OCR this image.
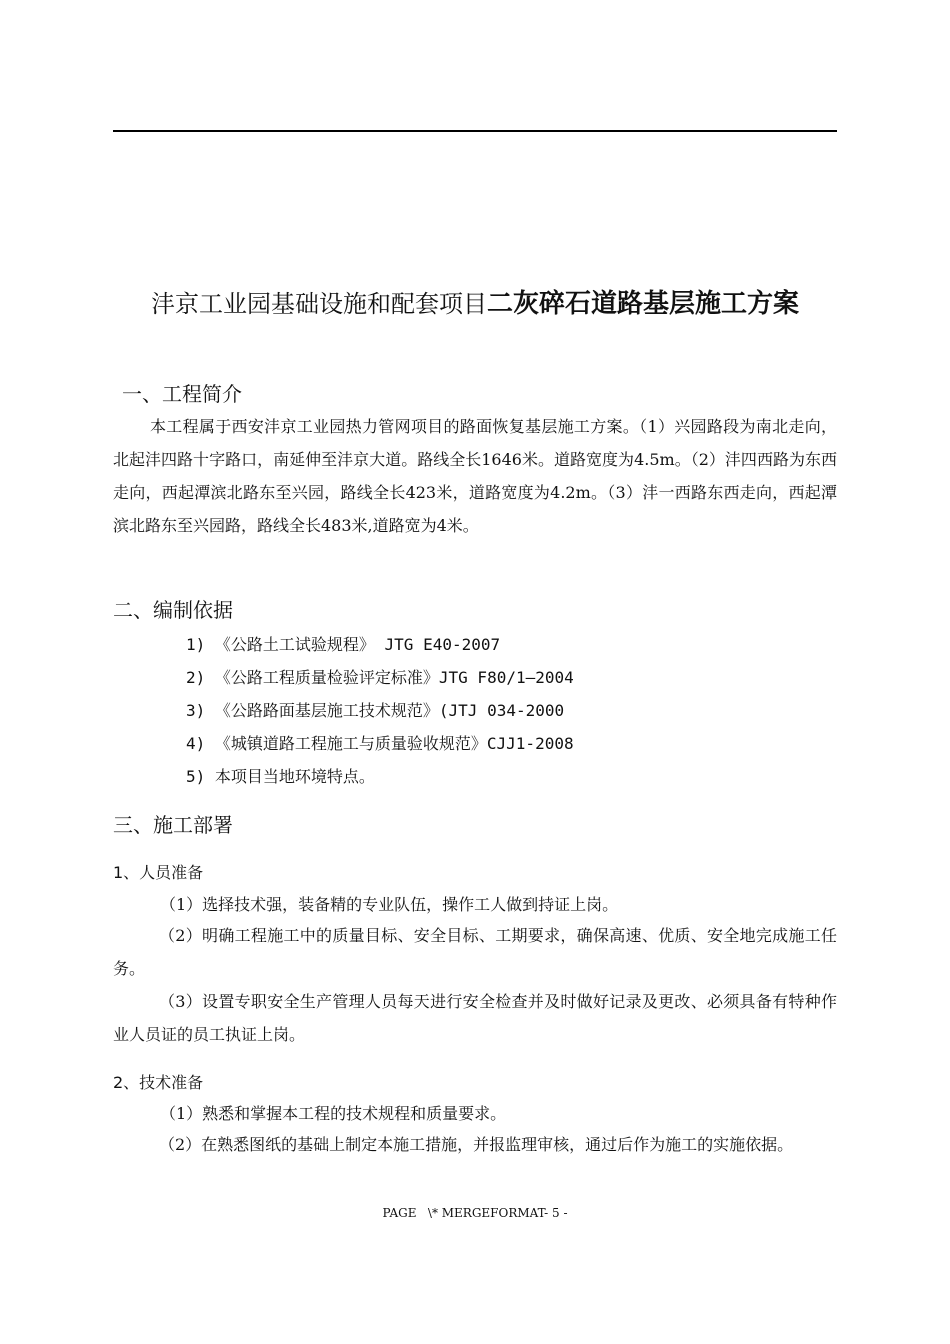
沣京工业园基础设施和配套项目二灰碎石道路基层施工方案
一、工程简介
本工程属于西安沣京工业园热力管网项目的路面恢复基层施工方案。（1）兴园路段为南北走向，北起沣四路十字路口，南延伸至沣京大道。路线全长1646米。道路宽度为4.5m。（2）沣四西路为东西走向，西起潭滨北路东至兴园，路线全长423米，道路宽度为4.2m。（3）沣一西路东西走向，西起潭滨北路东至兴园路，路线全长483米,道路宽为4米。
二、编制依据
1) 《公路土工试验规程》 JTG E40-2007
2) 《公路工程质量检验评定标准》JTG F80/1—2004
3) 《公路路面基层施工技术规范》(JTJ 034-2000
4) 《城镇道路工程施工与质量验收规范》CJJ1-2008
5) 本项目当地环境特点。
三、施工部署
1、人员准备
（1）选择技术强，装备精的专业队伍，操作工人做到持证上岗。
（2）明确工程施工中的质量目标、安全目标、工期要求，确保高速、优质、安全地完成施工任务。
（3）设置专职安全生产管理人员每天进行安全检查并及时做好记录及更改、必须具备有特种作业人员证的员工执证上岗。
2、技术准备
（1）熟悉和掌握本工程的技术规程和质量要求。
（2）在熟悉图纸的基础上制定本施工措施，并报监理审核，通过后作为施工的实施依据。
PAGE   \* MERGEFORMAT- 5 -
